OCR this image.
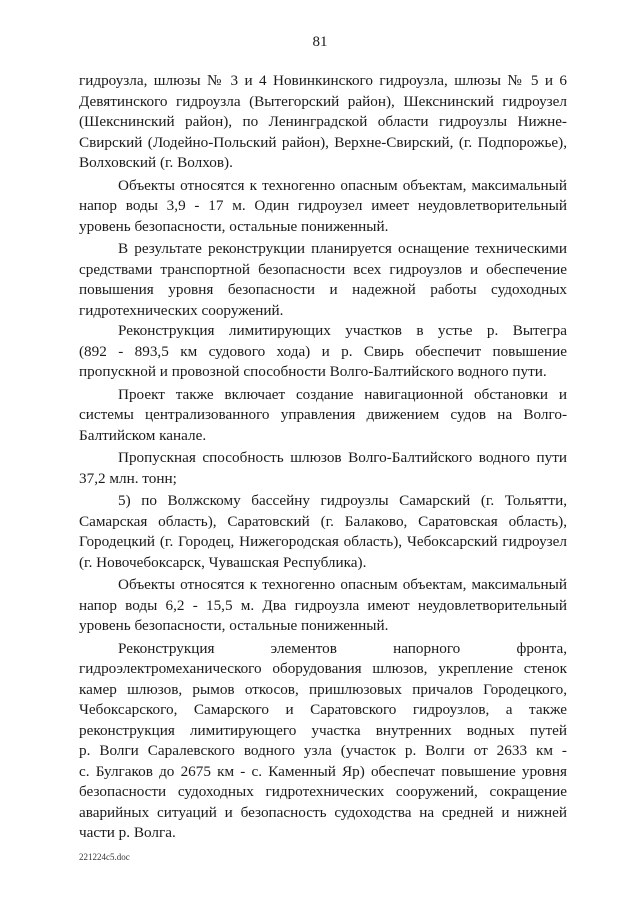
81
гидроузла, шлюзы № 3 и 4 Новинкинского гидроузла, шлюзы № 5 и 6
Девятинского гидроузла (Вытегорский район), Шекснинский гидроузел
(Шекснинский район), по Ленинградской области гидроузлы Нижне-
Свирский (Лодейно-Польский район), Верхне-Свирский, (г. Подпорожье),
Волховский (г. Волхов).
Объекты относятся к техногенно опасным объектам, максимальный
напор воды 3,9 - 17 м. Один гидроузел имеет неудовлетворительный
уровень безопасности, остальные пониженный.
В результате реконструкции планируется оснащение техническими
средствами транспортной безопасности всех гидроузлов и обеспечение
повышения уровня безопасности и надежной работы судоходных
гидротехнических сооружений.
Реконструкция лимитирующих участков в устье р. Вытегра
(892 - 893,5 км судового хода) и р. Свирь обеспечит повышение
пропускной и провозной способности Волго-Балтийского водного пути.
Проект также включает создание навигационной обстановки и
системы централизованного управления движением судов на Волго-
Балтийском канале.
Пропускная способность шлюзов Волго-Балтийского водного пути
37,2 млн. тонн;
5) по Волжскому бассейну гидроузлы Самарский (г. Тольятти,
Самарская область), Саратовский (г. Балаково, Саратовская область),
Городецкий (г. Городец, Нижегородская область), Чебоксарский гидроузел
(г. Новочебоксарск, Чувашская Республика).
Объекты относятся к техногенно опасным объектам, максимальный
напор воды 6,2 - 15,5 м. Два гидроузла имеют неудовлетворительный
уровень безопасности, остальные пониженный.
Реконструкция элементов напорного фронта,
гидроэлектромеханического оборудования шлюзов, укрепление стенок
камер шлюзов, рымов откосов, пришлюзовых причалов Городецкого,
Чебоксарского, Самарского и Саратовского гидроузлов, а также
реконструкция лимитирующего участка внутренних водных путей
р. Волги Саралевского водного узла (участок р. Волги от 2633 км -
с. Булгаков до 2675 км - с. Каменный Яр) обеспечат повышение уровня
безопасности судоходных гидротехнических сооружений, сокращение
аварийных ситуаций и безопасность судоходства на средней и нижней
части р. Волга.
221224c5.doc
